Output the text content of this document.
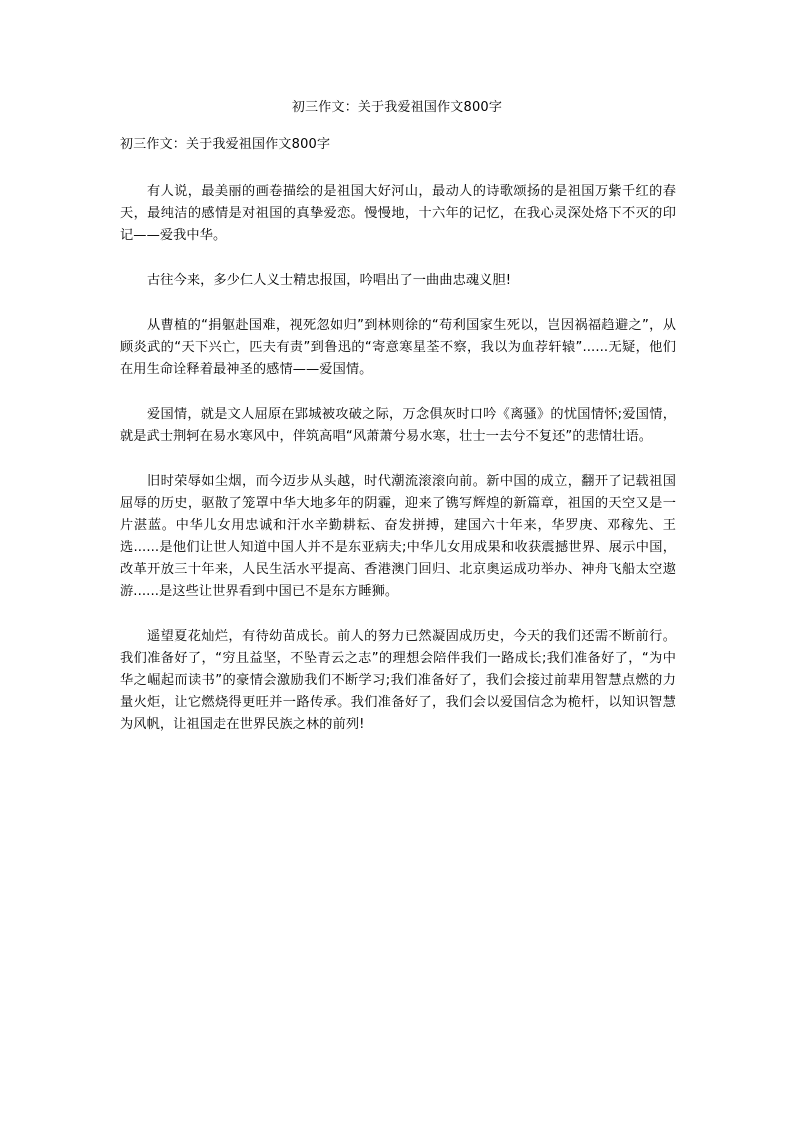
初三作文：关于我爱祖国作文800字
初三作文：关于我爱祖国作文800字

有人说，最美丽的画卷描绘的是祖国大好河山，最动人的诗歌颂扬的是祖国万紫千红的春天，最纯洁的感情是对祖国的真挚爱恋。慢慢地，十六年的记忆，在我心灵深处烙下不灭的印记——爱我中华。

古往今来，多少仁人义士精忠报国，吟唱出了一曲曲忠魂义胆!

从曹植的“捐躯赴国难，视死忽如归”到林则徐的“苟利国家生死以，岂因祸福趋避之”，从顾炎武的“天下兴亡，匹夫有责”到鲁迅的“寄意寒星荃不察，我以为血荐轩辕”......无疑，他们在用生命诠释着最神圣的感情——爱国情。

爱国情，就是文人屈原在郢城被攻破之际，万念俱灰时口吟《离骚》的忧国情怀;爱国情，就是武士荆轲在易水寒风中，伴筑高唱“风萧萧兮易水寒，壮士一去兮不复还”的悲情壮语。

旧时荣辱如尘烟，而今迈步从头越，时代潮流滚滚向前。新中国的成立，翻开了记载祖国屈辱的历史，驱散了笼罩中华大地多年的阴霾，迎来了镌写辉煌的新篇章，祖国的天空又是一片湛蓝。中华儿女用忠诚和汗水辛勤耕耘、奋发拼搏，建国六十年来，华罗庚、邓稼先、王选......是他们让世人知道中国人并不是东亚病夫;中华儿女用成果和收获震撼世界、展示中国，改革开放三十年来，人民生活水平提高、香港澳门回归、北京奥运成功举办、神舟飞船太空遨游......是这些让世界看到中国已不是东方睡狮。

遥望夏花灿烂，有待幼苗成长。前人的努力已然凝固成历史，今天的我们还需不断前行。我们准备好了，“穷且益坚，不坠青云之志”的理想会陪伴我们一路成长;我们准备好了，“为中华之崛起而读书”的豪情会激励我们不断学习;我们准备好了，我们会接过前辈用智慧点燃的力量火炬，让它燃烧得更旺并一路传承。我们准备好了，我们会以爱国信念为桅杆，以知识智慧为风帆，让祖国走在世界民族之林的前列!
